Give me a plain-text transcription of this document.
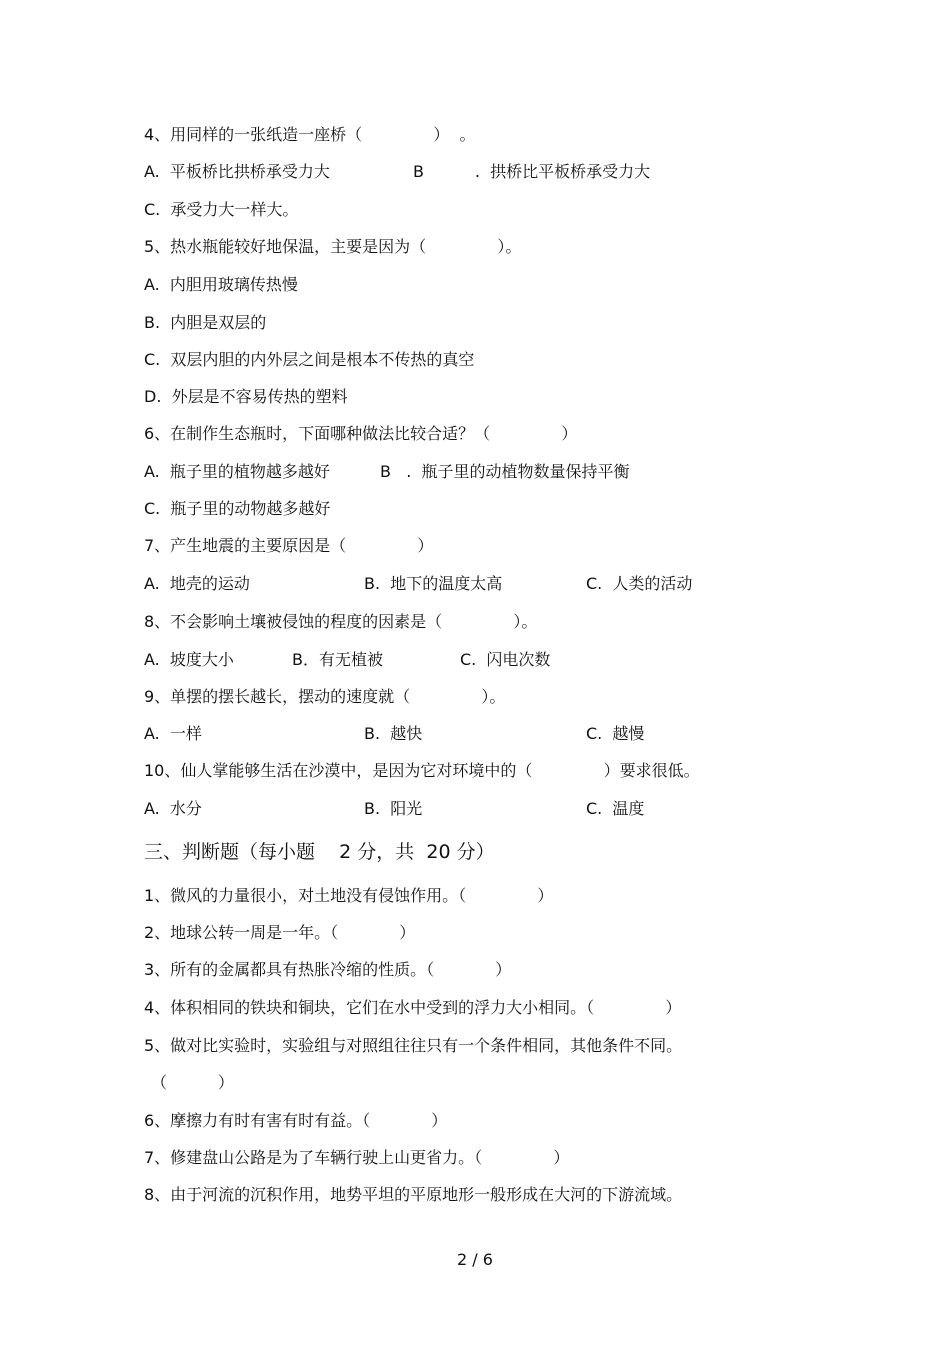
4、用同样的一张纸造一座桥（              ）  。
A.  平板桥比拱桥承受力大	B          .  拱桥比平板桥承受力大
C.  承受力大一样大。
5、热水瓶能较好地保温，主要是因为（              ）。
A.  内胆用玻璃传热慢
B.  内胆是双层的
C.  双层内胆的内外层之间是根本不传热的真空
D.  外层是不容易传热的塑料
6、在制作生态瓶时，下面哪种做法比较合适？（              ）
A.  瓶子里的植物越多越好	B   .  瓶子里的动植物数量保持平衡
C.  瓶子里的动物越多越好
7、产生地震的主要原因是（              ）
A.  地壳的运动	B.  地下的温度太高	C.  人类的活动
8、不会影响土壤被侵蚀的程度的因素是（              ）。
A.  坡度大小	B．有无植被	C.  闪电次数
9、单摆的摆长越长，摆动的速度就（              ）。
A.  一样	B.  越快	C.  越慢
10、仙人掌能够生活在沙漠中，是因为它对环境中的（              ）要求很低。
A.  水分	B.  阳光	C.  温度
三、判断题（每小题    2 分，共  20 分）
1、微风的力量很小，对土地没有侵蚀作用。（              ）
2、地球公转一周是一年。（            ）
3、所有的金属都具有热胀冷缩的性质。（            ）
4、体积相同的铁块和铜块，它们在水中受到的浮力大小相同。（              ）
5、做对比实验时，实验组与对照组往往只有一个条件相同，其他条件不同。
（          ）
6、摩擦力有时有害有时有益。（            ）
7、修建盘山公路是为了车辆行驶上山更省力。（              ）
8、由于河流的沉积作用，地势平坦的平原地形一般形成在大河的下游流域。
2 / 6
